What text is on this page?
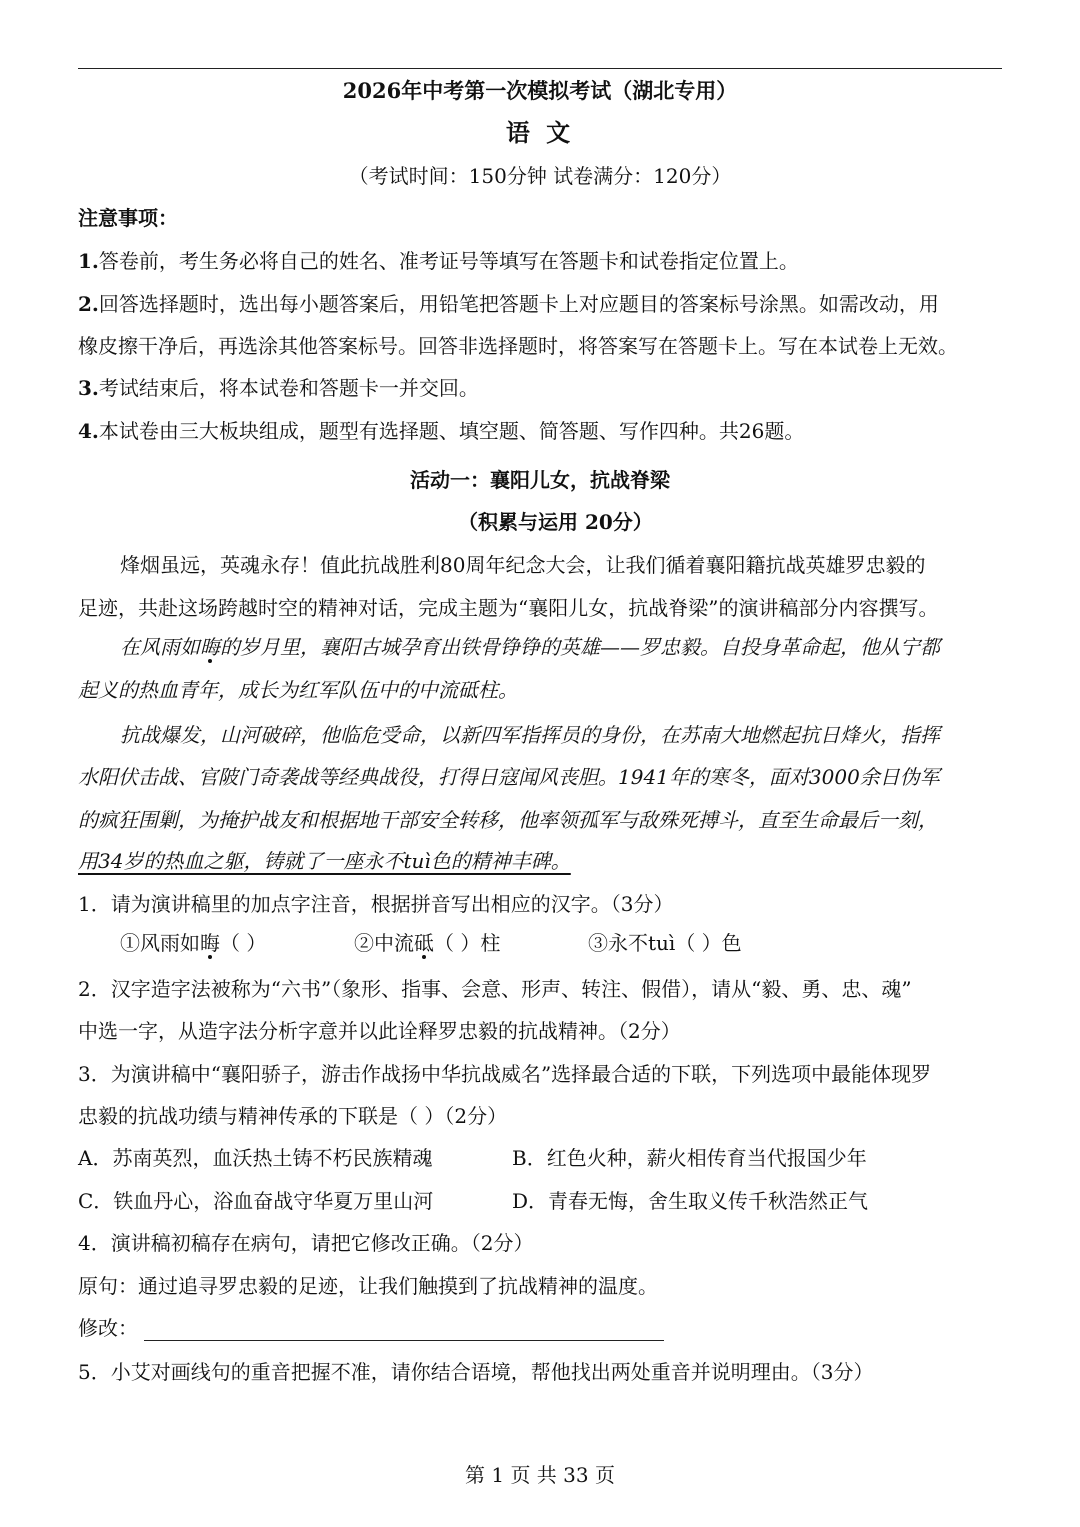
2026年中考第一次模拟考试（湖北专用）
语 文
（考试时间：150分钟 试卷满分：120分）
注意事项：
1.答卷前，考生务必将自己的姓名、准考证号等填写在答题卡和试卷指定位置上。
2.回答选择题时，选出每小题答案后，用铅笔把答题卡上对应题目的答案标号涂黑。如需改动，用
橡皮擦干净后，再选涂其他答案标号。回答非选择题时，将答案写在答题卡上。写在本试卷上无效。
3.考试结束后，将本试卷和答题卡一并交回。
4.本试卷由三大板块组成，题型有选择题、填空题、简答题、写作四种。共26题。
活动一：襄阳儿女，抗战脊梁
（积累与运用 20分）
烽烟虽远，英魂永存！值此抗战胜利80周年纪念大会，让我们循着襄阳籍抗战英雄罗忠毅的
足迹，共赴这场跨越时空的精神对话，完成主题为“襄阳儿女，抗战脊梁”的演讲稿部分内容撰写。
在风雨如晦的岁月里，襄阳古城孕育出铁骨铮铮的英雄——罗忠毅。自投身革命起，他从宁都
起义的热血青年，成长为红军队伍中的中流砥柱。
抗战爆发，山河破碎，他临危受命，以新四军指挥员的身份，在苏南大地燃起抗日烽火，指挥
水阳伏击战、官陂门奇袭战等经典战役，打得日寇闻风丧胆。1941年的寒冬，面对3000余日伪军
的疯狂围剿，为掩护战友和根据地干部安全转移，他率领孤军与敌殊死搏斗，直至生命最后一刻，
用34岁的热血之躯，铸就了一座永不tuì色的精神丰碑。
1．请为演讲稿里的加点字注音，根据拼音写出相应的汉字。（3分）
①风雨如晦（ ）	②中流砥（ ）柱	③永不tuì（ ）色
2．汉字造字法被称为“六书”（象形、指事、会意、形声、转注、假借），请从“毅、勇、忠、魂”
中选一字，从造字法分析字意并以此诠释罗忠毅的抗战精神。（2分）
3．为演讲稿中“襄阳骄子，游击作战扬中华抗战威名”选择最合适的下联，下列选项中最能体现罗
忠毅的抗战功绩与精神传承的下联是（ ）（2分）
A．苏南英烈，血沃热土铸不朽民族精魂	B．红色火种，薪火相传育当代报国少年
C．铁血丹心，浴血奋战守华夏万里山河	D．青春无悔，舍生取义传千秋浩然正气
4．演讲稿初稿存在病句，请把它修改正确。（2分）
原句：通过追寻罗忠毅的足迹，让我们触摸到了抗战精神的温度。
修改：
5．小艾对画线句的重音把握不准，请你结合语境，帮他找出两处重音并说明理由。（3分）
第 1 页 共 33 页
